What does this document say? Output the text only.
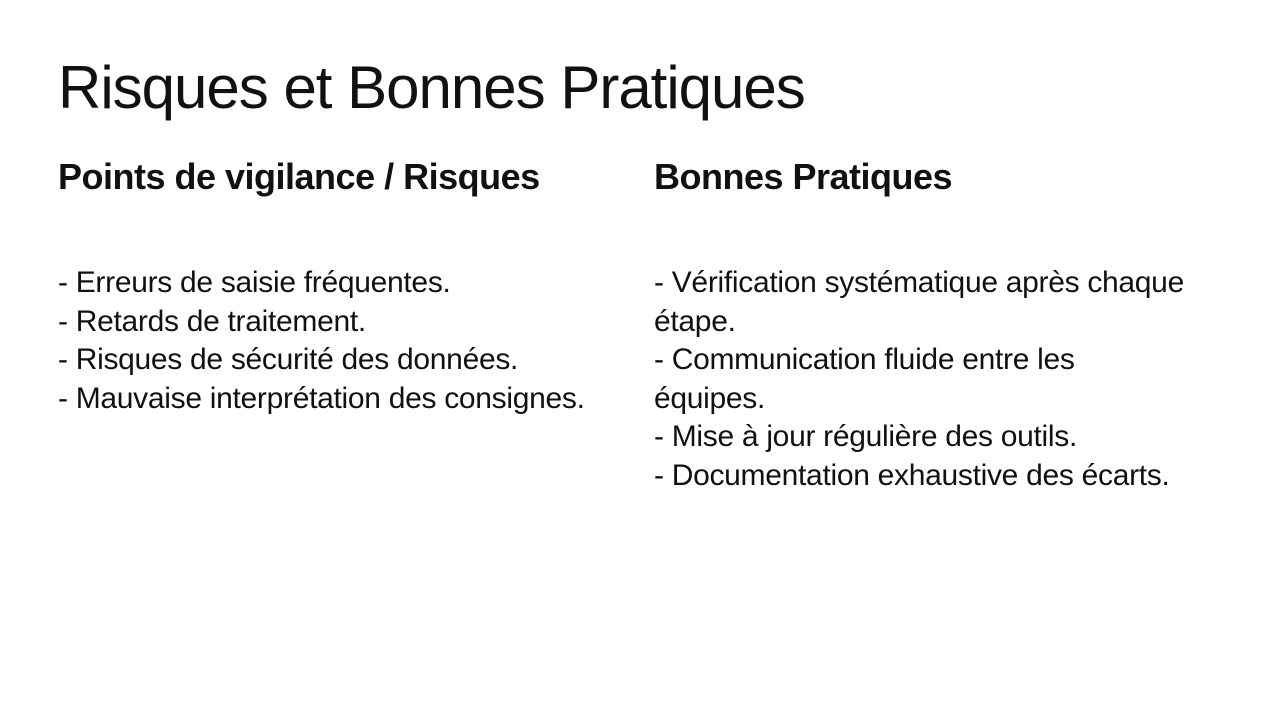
Risques et Bonnes Pratiques
Points de vigilance / Risques
- Erreurs de saisie fréquentes.
- Retards de traitement.
- Risques de sécurité des données.
- Mauvaise interprétation des consignes.
Bonnes Pratiques
- Vérification systématique après chaque étape.
- Communication fluide entre les équipes.
- Mise à jour régulière des outils.
- Documentation exhaustive des écarts.
